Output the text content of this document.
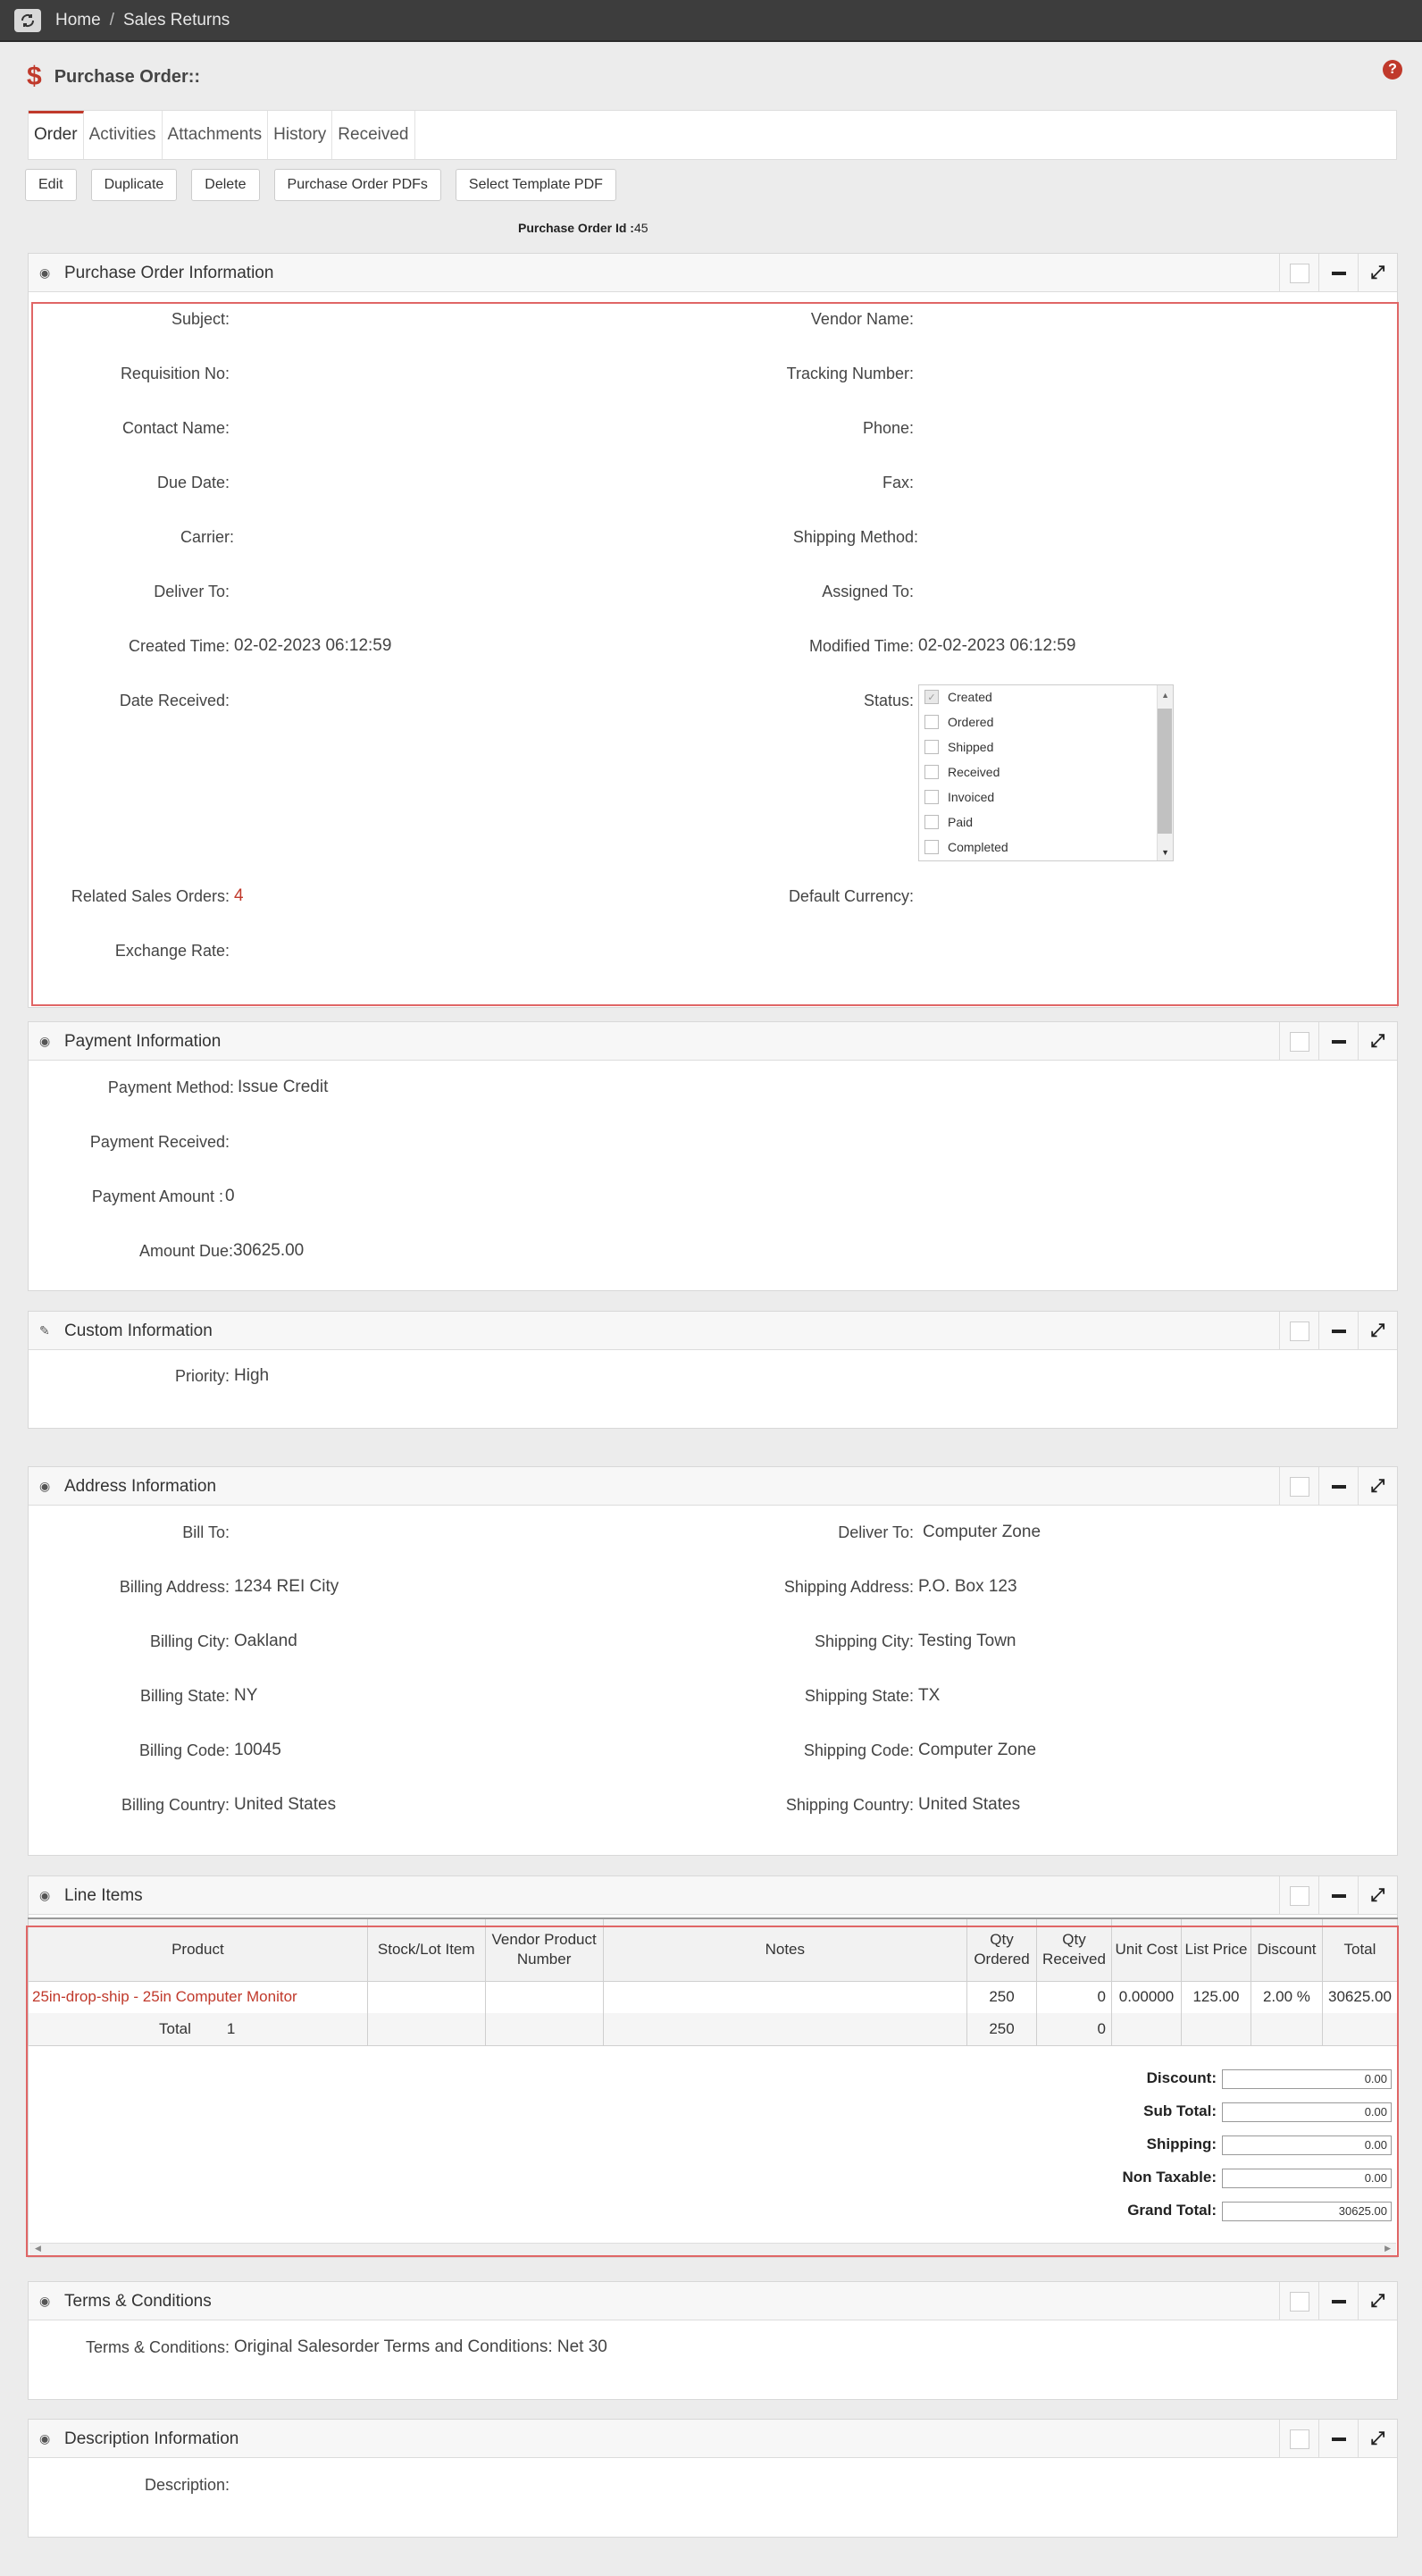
Home / Sales Returns
$ Purchase Order::	?
Order Activities Attachments History Received
Edit	Duplicate	Delete	Purchase Order PDFs	Select Template PDF
Purchase Order Id :45
◉ Purchase Order Information	⤢
Subject:	Vendor Name:
Requisition No:	Tracking Number:
Contact Name:	Phone:
Due Date:	Fax:
Carrier:	Shipping Method:
Deliver To:	Assigned To:
Created Time: 02-02-2023 06:12:59	Modified Time: 02-02-2023 06:12:59
Date Received:	Status:	✓ Created
Ordered
Shipped
Received
Invoiced
Paid
Completed
▲
▼
Related Sales Orders: 4	Default Currency:
Exchange Rate:
◉ Payment Information	⤢
Payment Method: Issue Credit
Payment Received:
Payment Amount : 0
Amount Due: 30625.00
✎ Custom Information	⤢
Priority: High
◉ Address Information	⤢
Bill To:	Deliver To: Computer Zone
Billing Address: 1234 REI City	Shipping Address: P.O. Box 123
Billing City: Oakland	Shipping City: Testing Town
Billing State: NY	Shipping State: TX
Billing Code: 10045	Shipping Code: Computer Zone
Billing Country: United States	Shipping Country: United States
◉ Line Items	⤢
Product	Stock/Lot Item	Vendor Product Number	Notes	Qty Ordered	Qty Received	Unit Cost	List Price	Discount	Total
25in-drop-ship - 25in Computer Monitor				250	0	0.00000	125.00	2.00 %	30625.00
Total 1				250	0				
Discount:	0.00
Sub Total:	0.00
Shipping:	0.00
Non Taxable:	0.00
Grand Total:	30625.00
◀	▶
◉ Terms & Conditions	⤢
Terms & Conditions: Original Salesorder Terms and Conditions: Net 30
◉ Description Information	⤢
Description:
